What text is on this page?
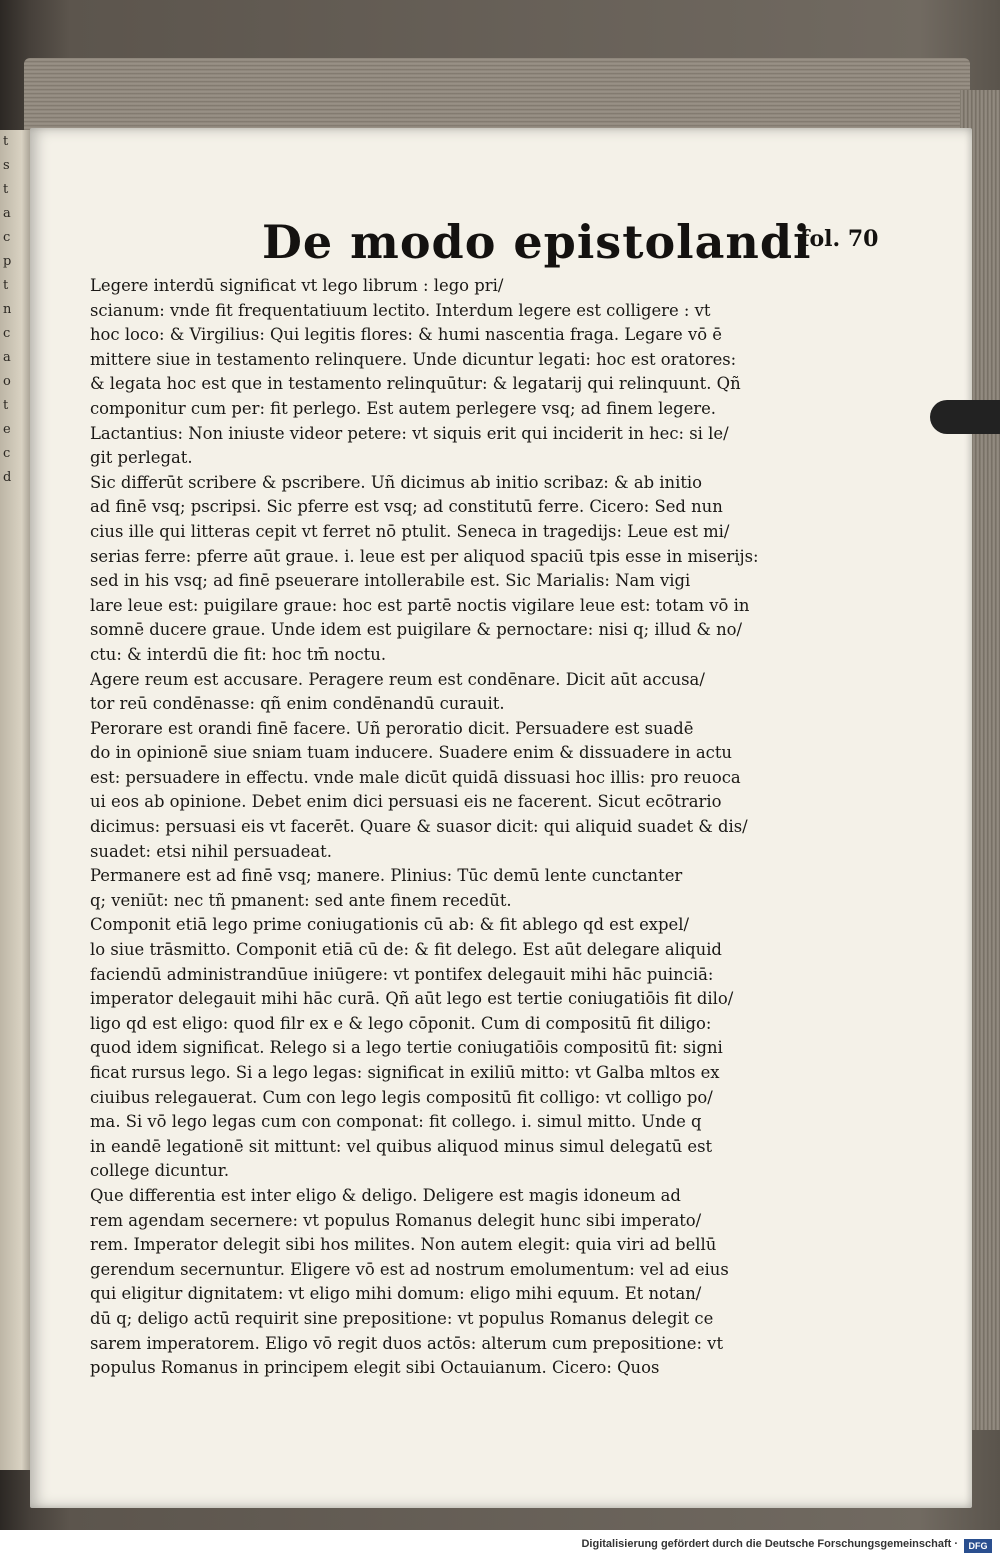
t
s
t
a
c
p
t
n
c
a
o
t
e
c
d
De modo epistolandi
fol. 70
Legere interdū significat vt lego librum : lego pri/
scianum: vnde fit frequentatiuum lectito. Interdum legere est colligere : vt
hoc loco: & Virgilius: Qui legitis flores: & humi nascentia fraga. Legare vō ē
mittere siue in testamento relinquere. Unde dicuntur legati: hoc est oratores:
& legata hoc est que in testamento relinquūtur: & legatarij qui relinquunt. Qñ
componitur cum per: fit perlego. Est autem perlegere vsq; ad finem legere.
Lactantius: Non iniuste videor petere: vt siquis erit qui inciderit in hec: si le/
git perlegat.
Sic differūt scribere & pscribere. Uñ dicimus ab initio scribaz: & ab initio
ad finē vsq; pscripsi. Sic pferre est vsq; ad constitutū ferre. Cicero: Sed nun
cius ille qui litteras cepit vt ferret nō ptulit. Seneca in tragedijs: Leue est mi/
serias ferre: pferre aūt graue. i. leue est per aliquod spaciū tpis esse in miserijs:
sed in his vsq; ad finē pseuerare intollerabile est. Sic Marialis: Nam vigi
lare leue est: puigilare graue: hoc est partē noctis vigilare leue est: totam vō in
somnē ducere graue. Unde idem est puigilare & pernoctare: nisi q; illud & no/
ctu: & interdū die fit: hoc tm̄ noctu.
Agere reum est accusare. Peragere reum est condēnare. Dicit aūt accusa/
tor reū condēnasse: qñ enim condēnandū curauit.
Perorare est orandi finē facere. Uñ peroratio dicit. Persuadere est suadē
do in opinionē siue sniam tuam inducere. Suadere enim & dissuadere in actu
est: persuadere in effectu. vnde male dicūt quidā dissuasi hoc illis: pro reuoca
ui eos ab opinione. Debet enim dici persuasi eis ne facerent. Sicut ecōtrario
dicimus: persuasi eis vt facerēt. Quare & suasor dicit: qui aliquid suadet & dis/
suadet: etsi nihil persuadeat.
Permanere est ad finē vsq; manere. Plinius: Tūc demū lente cunctanter
q; veniūt: nec tñ pmanent: sed ante finem recedūt.
Componit etiā lego prime coniugationis cū ab: & fit ablego qd est expel/
lo siue trāsmitto. Componit etiā cū de: & fit delego. Est aūt delegare aliquid
faciendū administrandūue iniūgere: vt pontifex delegauit mihi hāc puinciā:
imperator delegauit mihi hāc curā. Qñ aūt lego est tertie coniugatiōis fit dilo/
ligo qd est eligo: quod filr ex e & lego cōponit. Cum di compositū fit diligo:
quod idem significat. Relego si a lego tertie coniugatiōis compositū fit: signi
ficat rursus lego. Si a lego legas: significat in exiliū mitto: vt Galba mltos ex
ciuibus relegauerat. Cum con lego legis compositū fit colligo: vt colligo po/
ma. Si vō lego legas cum con componat: fit collego. i. simul mitto. Unde q
in eandē legationē sit mittunt: vel quibus aliquod minus simul delegatū est
college dicuntur.
Que differentia est inter eligo & deligo. Deligere est magis idoneum ad
rem agendam secernere: vt populus Romanus delegit hunc sibi imperato/
rem. Imperator delegit sibi hos milites. Non autem elegit: quia viri ad bellū
gerendum secernuntur. Eligere vō est ad nostrum emolumentum: vel ad eius
qui eligitur dignitatem: vt eligo mihi domum: eligo mihi equum. Et notan/
dū q; deligo actū requirit sine prepositione: vt populus Romanus delegit ce
sarem imperatorem. Eligo vō regit duos actōs: alterum cum prepositione: vt
populus Romanus in principem elegit sibi Octauianum. Cicero: Quos
Digitalisierung gefördert durch die Deutsche Forschungsgemeinschaft ·	DFG
